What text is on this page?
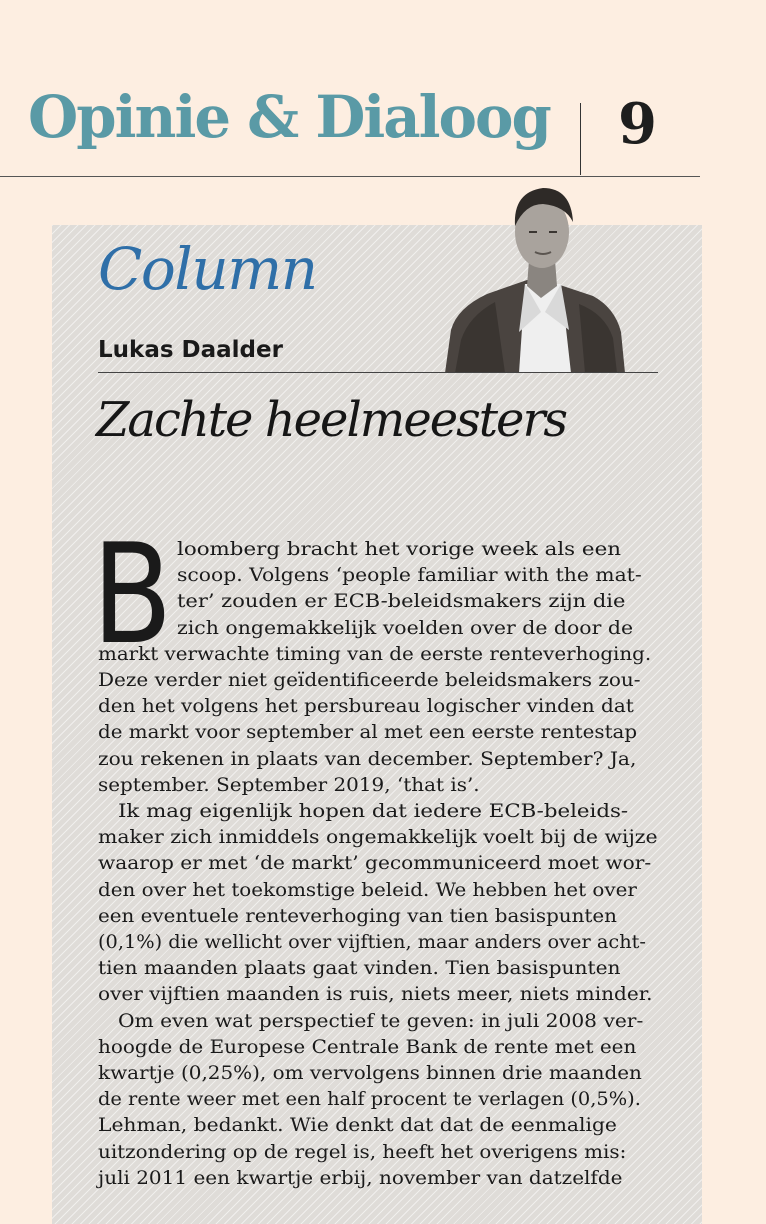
Opinie & Dialoog 9
Column
Lukas Daalder
Zachte heelmeesters
B loomberg bracht het vorige week als een
scoop. Volgens ‘people familiar with the mat-
ter’ zouden er ECB-beleidsmakers zijn die
zich ongemakkelijk voelden over de door de
markt verwachte timing van de eerste renteverhoging.
Deze verder niet geïdentificeerde beleidsmakers zou-
den het volgens het persbureau logischer vinden dat
de markt voor september al met een eerste rentestap
zou rekenen in plaats van december. September? Ja,
september. September 2019, ‘that is’.
Ik mag eigenlijk hopen dat iedere ECB-beleids-
maker zich inmiddels ongemakkelijk voelt bij de wijze
waarop er met ‘de markt’ gecommuniceerd moet wor-
den over het toekomstige beleid. We hebben het over
een eventuele renteverhoging van tien basispunten
(0,1%) die wellicht over vijftien, maar anders over acht-
tien maanden plaats gaat vinden. Tien basispunten
over vijftien maanden is ruis, niets meer, niets minder.
Om even wat perspectief te geven: in juli 2008 ver-
hoogde de Europese Centrale Bank de rente met een
kwartje (0,25%), om vervolgens binnen drie maanden
de rente weer met een half procent te verlagen (0,5%).
Lehman, bedankt. Wie denkt dat dat de eenmalige
uitzondering op de regel is, heeft het overigens mis:
juli 2011 een kwartje erbij, november van datzelfde
